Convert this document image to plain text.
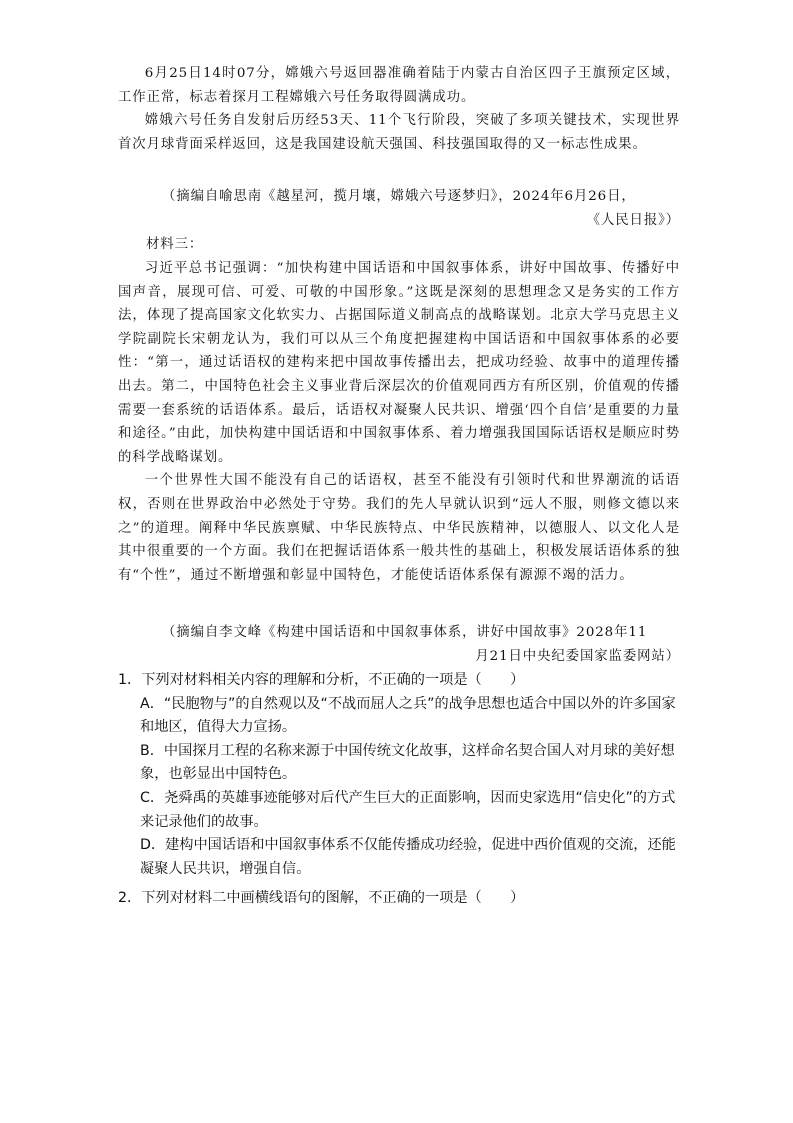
6月25日14时07分，嫦娥六号返回器准确着陆于内蒙古自治区四子王旗预定区域，工作正常，标志着探月工程嫦娥六号任务取得圆满成功。

嫦娥六号任务自发射后历经53天、11个飞行阶段，突破了多项关键技术，实现世界首次月球背面采样返回，这是我国建设航天强国、科技强国取得的又一标志性成果。

（摘编自喻思南《越星河，揽月壤，嫦娥六号逐梦归》，2024年6月26日，
《人民日报》）
材料三：

习近平总书记强调：“加快构建中国话语和中国叙事体系，讲好中国故事、传播好中国声音，展现可信、可爱、可敬的中国形象。”这既是深刻的思想理念又是务实的工作方法，体现了提高国家文化软实力、占据国际道义制高点的战略谋划。北京大学马克思主义学院副院长宋朝龙认为，我们可以从三个角度把握建构中国话语和中国叙事体系的必要性：“第一，通过话语权的建构来把中国故事传播出去，把成功经验、故事中的道理传播出去。第二，中国特色社会主义事业背后深层次的价值观同西方有所区别，价值观的传播需要一套系统的话语体系。最后，话语权对凝聚人民共识、增强‘四个自信’是重要的力量和途径。”由此，加快构建中国话语和中国叙事体系、着力增强我国国际话语权是顺应时势的科学战略谋划。

一个世界性大国不能没有自己的话语权，甚至不能没有引领时代和世界潮流的话语权，否则在世界政治中必然处于守势。我们的先人早就认识到“远人不服，则修文德以来之”的道理。阐释中华民族禀赋、中华民族特点、中华民族精神，以德服人、以文化人是其中很重要的一个方面。我们在把握话语体系一般共性的基础上，积极发展话语体系的独有“个性”，通过不断增强和彰显中国特色，才能使话语体系保有源源不竭的活力。

（摘编自李文峰《构建中国话语和中国叙事体系，讲好中国故事》2028年11
月21日中央纪委国家监委网站）

1．下列对材料相关内容的理解和分析，不正确的一项是（　　）

A．“民胞物与”的自然观以及“不战而屈人之兵”的战争思想也适合中国以外的许多国家和地区，值得大力宣扬。

B．中国探月工程的名称来源于中国传统文化故事，这样命名契合国人对月球的美好想象，也彰显出中国特色。

C．尧舜禹的英雄事迹能够对后代产生巨大的正面影响，因而史家选用“信史化”的方式来记录他们的故事。

D．建构中国话语和中国叙事体系不仅能传播成功经验，促进中西价值观的交流，还能凝聚人民共识，增强自信。

2．下列对材料二中画横线语句的图解，不正确的一项是（　　）
